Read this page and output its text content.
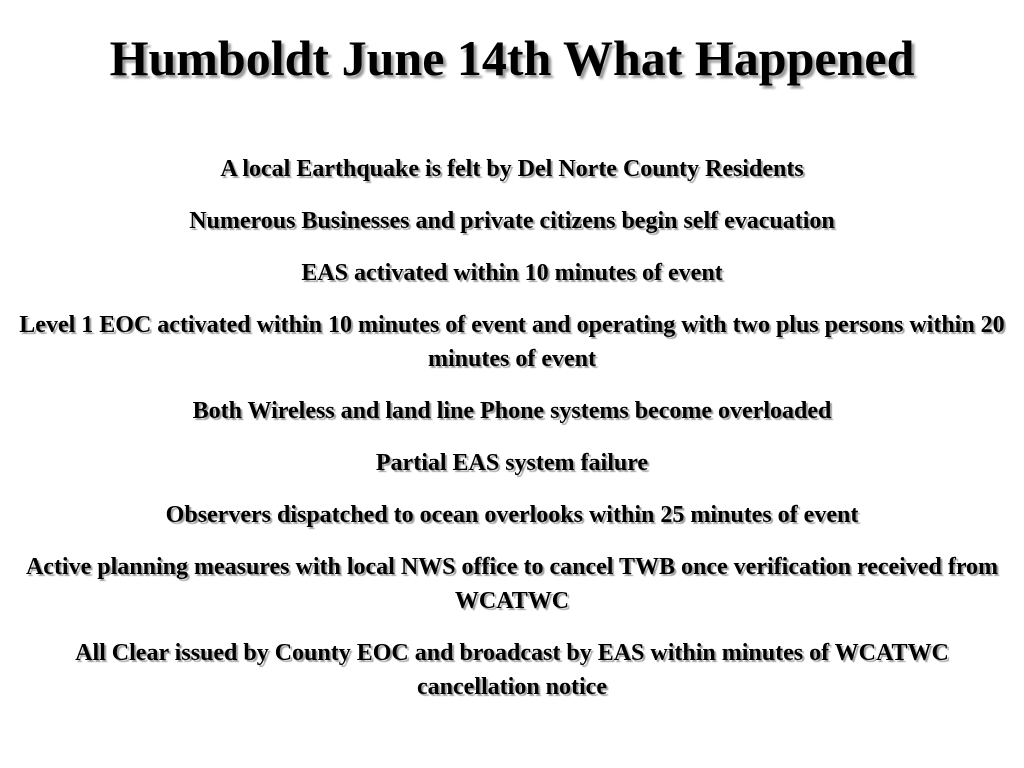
Humboldt June 14th What Happened
A local Earthquake is felt by Del Norte County Residents
Numerous Businesses and private citizens begin self evacuation
EAS activated within 10 minutes of event
Level 1 EOC activated within 10 minutes of event and operating with two plus persons within 20 minutes of event
Both Wireless and land line Phone systems become overloaded
Partial EAS system failure
Observers dispatched to ocean overlooks within 25 minutes of event
Active planning measures with local NWS office to cancel TWB once verification received from WCATWC
All Clear issued by County EOC and broadcast by EAS within minutes of WCATWC cancellation notice
